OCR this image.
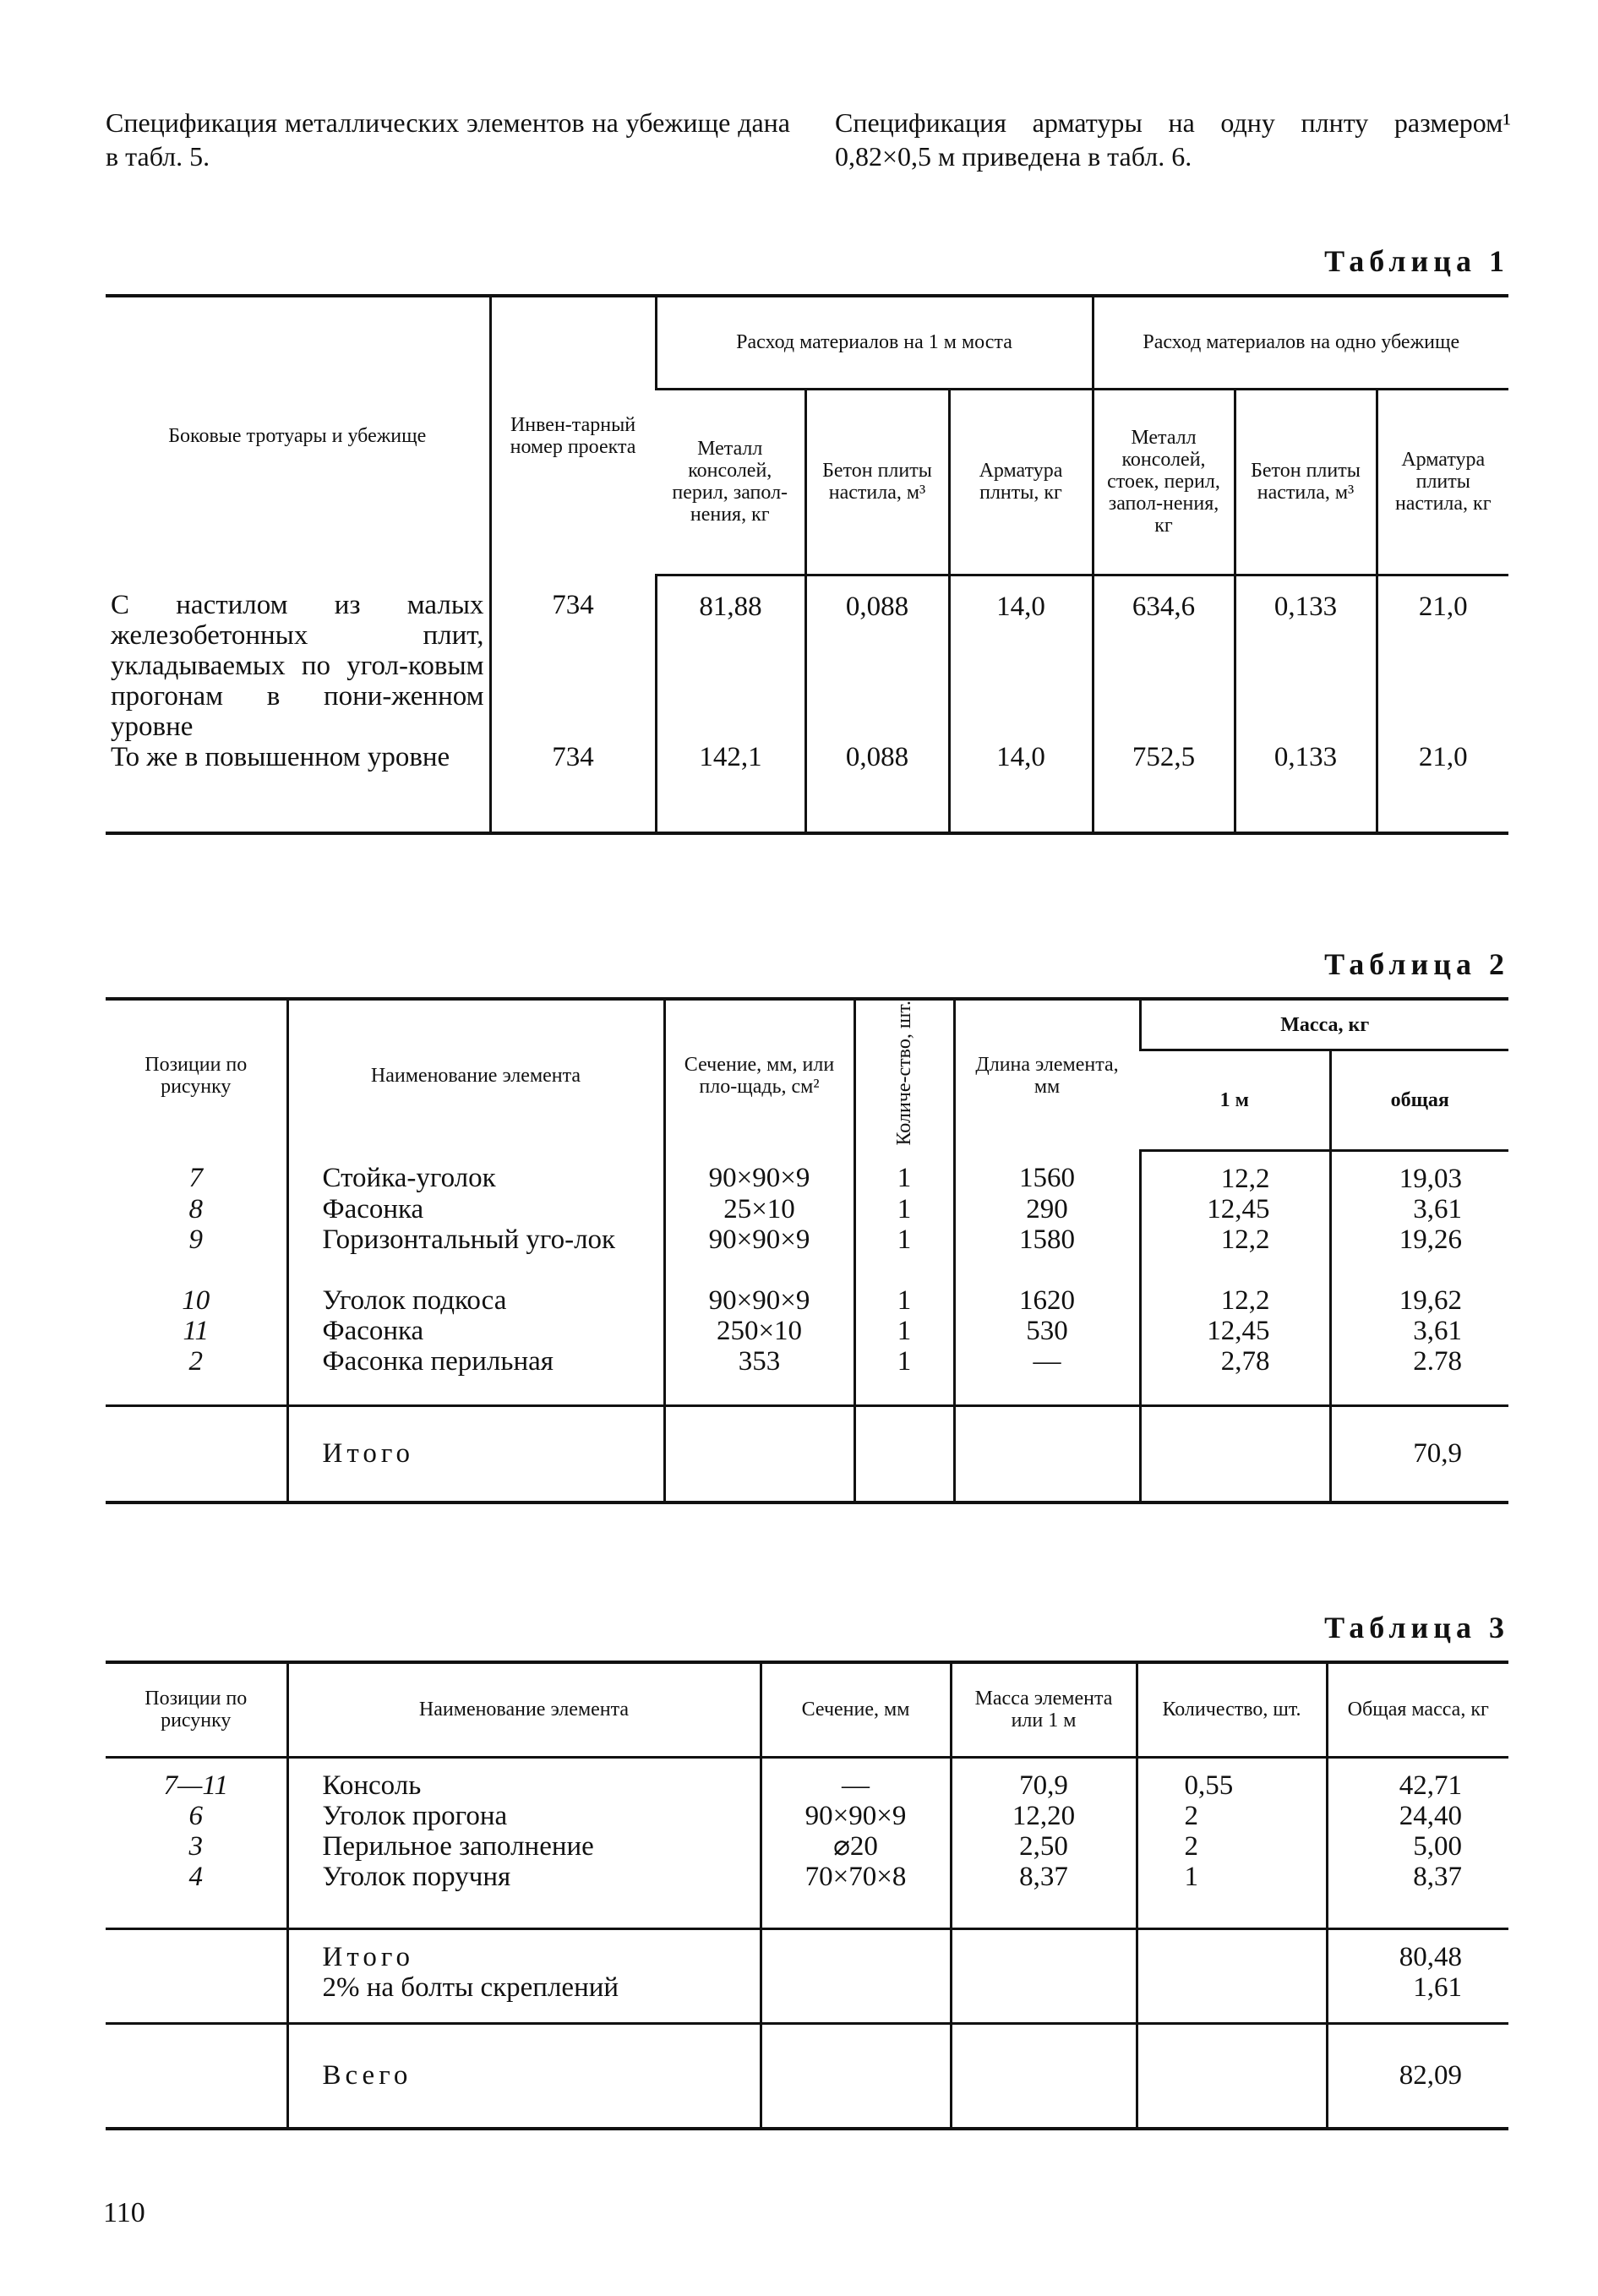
Спецификация металлических элементов на убежище дана в табл. 5.
Спецификация арматуры на одну плнту размером¹ 0,82×0,5 м приведена в табл. 6.
Таблица 1
Боковые тротуары и убежище	Инвен-тарный номер проекта	Расход материалов на 1 м моста			Расход материалов на одно убежище		
		Металл консолей, перил, запол-нения, кг	Бетон плиты настила, м³	Арматура плнты, кг	Металл консолей, стоек, перил, запол-нения, кг	Бетон плиты настила, м³	Арматура плиты настила, кг
С настилом из малых железобетонных плит, укладываемых по угол-ковым прогонам в пони-женном уровне	734	81,88	0,088	14,0	634,6	0,133	21,0
То же в повышенном уровне	734	142,1	0,088	14,0	752,5	0,133	21,0
Таблица 2
Позиции по рисунку	Наименование элемента	Сечение, мм, или пло-щадь, см²	Количе-ство, шт.	Длина элемента, мм	Масса, кг	
					1 м	общая
7	Стойка-уголок	90×90×9	1	1560	12,2	19,03
8	Фасонка	25×10	1	290	12,45	3,61
9	Горизонтальный уго-лок	90×90×9	1	1580	12,2	19,26
10	Уголок подкоса	90×90×9	1	1620	12,2	19,62
11	Фасонка	250×10	1	530	12,45	3,61
2	Фасонка перильная	353	1	—	2,78	2.78
	Итого					70,9
Таблица 3
Позиции по рисунку	Наименование элемента	Сечение, мм	Масса элемента или 1 м	Количество, шт.	Общая масса, кг
7—11	Консоль	—	70,9	0,55	42,71
6	Уголок прогона	90×90×9	12,20	2	24,40
3	Перильное заполнение	⌀20	2,50	2	5,00
4	Уголок поручня	70×70×8	8,37	1	8,37
	Итого				80,48
	2% на болты скреплений				1,61
	Всего				82,09
110
